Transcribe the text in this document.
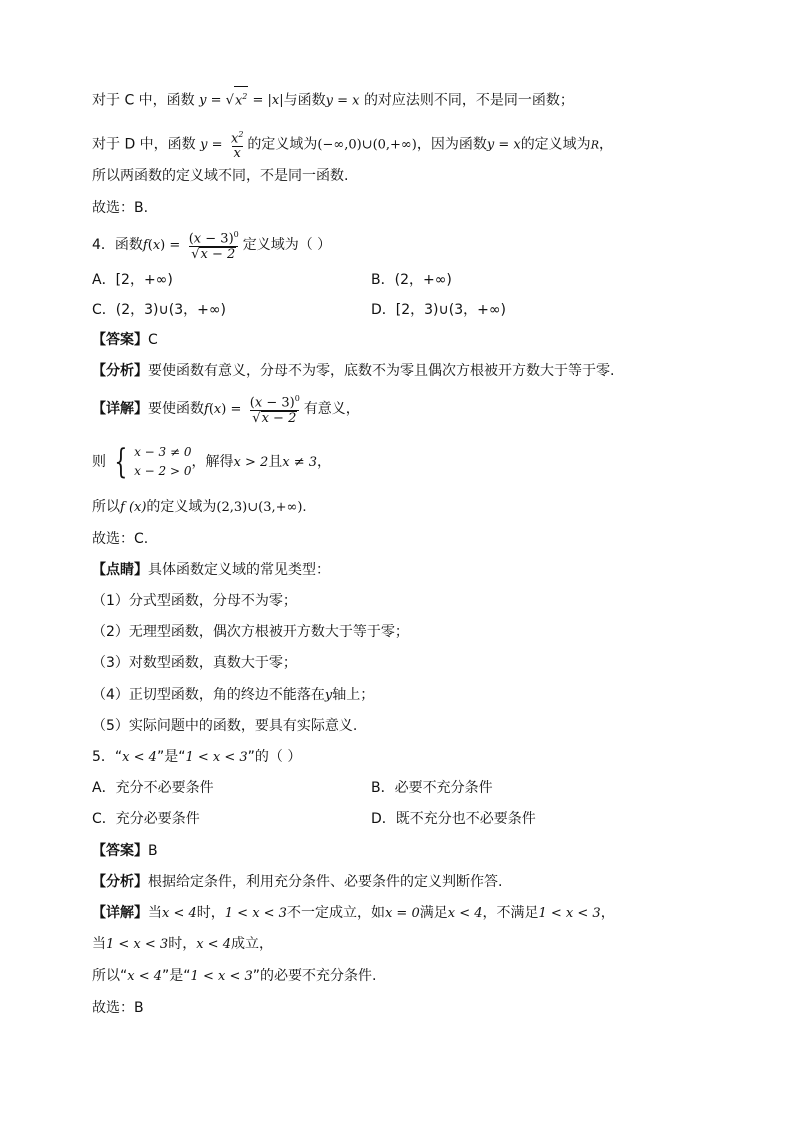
对于 C 中，函数 $y = √x^2 = |x|$与函数y = x 的对应法则不同，不是同一函数；
对于 D 中，函数 $y = \frac{x^2}{x}$ 的定义域为(−∞,0)∪(0,+∞)，因为函数y = x的定义域为R，
所以两函数的定义域不同，不是同一函数.
故选：B.
4．函数$f(x) = \frac{(x - 3)^0}{√x - 2}$ 定义域为（ ）
A．[2，+∞)	B．(2，+∞)
C．(2，3)∪(3，+∞)	D．[2，3)∪(3，+∞)
【答案】C
【分析】要使函数有意义，分母不为零，底数不为零且偶次方根被开方数大于等于零.
【详解】要使函数$f(x) = \frac{(x - 3)^0}{√x - 2}$ 有意义，
则 { x − 3 ≠ 0
x − 2 > 0
，解得x > 2且x ≠ 3，
所以f (x)的定义域为(2,3)∪(3,+∞).
故选：C.
【点睛】具体函数定义域的常见类型：
（1）分式型函数，分母不为零；
（2）无理型函数，偶次方根被开方数大于等于零；
（3）对数型函数，真数大于零；
（4）正切型函数，角的终边不能落在y轴上；
（5）实际问题中的函数，要具有实际意义.
5．“x < 4”是“1 < x < 3”的（ ）
A．充分不必要条件	B．必要不充分条件
C．充分必要条件	D．既不充分也不必要条件
【答案】B
【分析】根据给定条件，利用充分条件、必要条件的定义判断作答.
【详解】当x < 4时，1 < x < 3不一定成立，如x = 0满足x < 4，不满足1 < x < 3，
当1 < x < 3时，x < 4成立，
所以“x < 4”是“1 < x < 3”的必要不充分条件.
故选：B
